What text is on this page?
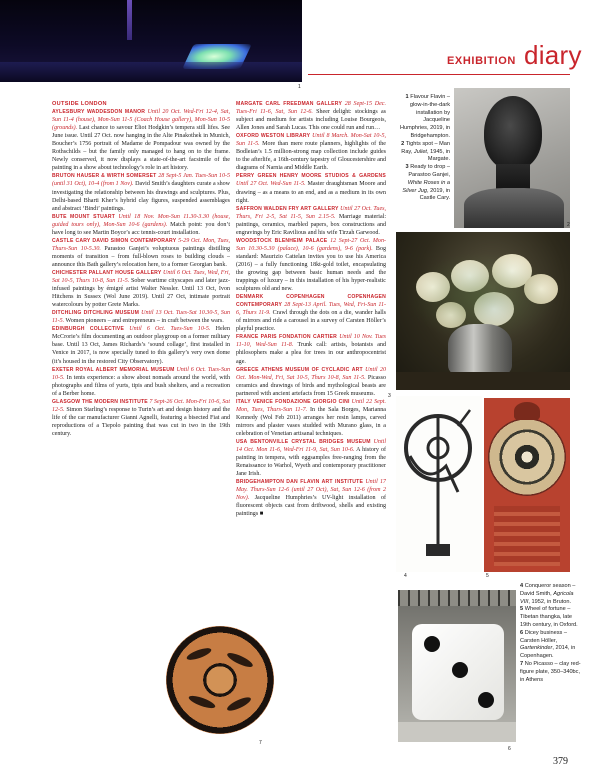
1
EXHIBITION diary
2

1 Flavour Flavin – glow-in-the-dark installation by Jacqueline Humphries, 2019, in Bridgehampton.

2 Tights spot – Man Ray, Juliet, 1945, in Margate.

3 Ready to drop – Parastoo Ganjei, White Roses in a Silver Jug, 2019, in Castle Cary.

3
4	5

4 Conqueror season – David Smith, Agricola VIII, 1952, in Bruton.

5 Wheel of fortune – Tibetan thangka, late 19th century, in Oxford.

6 Dicey business – Carsten Höller, Gartenkinder, 2014, in Copenhagen.

7 No Picasso – clay red-figure plate, 350–340bc, in Athens

6
7
379

OUTSIDE LONDON

AYLESBURY WADDESDON MANOR Until 20 Oct. Wed-Fri 12-4, Sat, Sun 11-4 (house), Mon-Sun 11-5 (Coach House gallery), Mon-Sun 10-5 (grounds). Last chance to savour Eliot Hodgkin’s tempera still lifes. See June issue. Until 27 Oct. now hanging in the Alte Pinakothek in Munich, Boucher’s 1756 portrait of Madame de Pompadour was owned by the Rothschilds – but the family only managed to hang on to the frame. Newly conserved, it now displays a state-of-the-art facsimile of the painting in a show about technology’s role in art history.

BRUTON HAUSER & WIRTH SOMERSET 28 Sept-5 Jan. Tues-Sun 10-5 (until 31 Oct), 10-4 (from 1 Nov). David Smith’s daughters curate a show investigating the relationship between his drawings and sculptures. Plus, Delhi-based Bharti Kher’s hybrid clay figures, suspended assemblages and abstract ‘Bindi’ paintings.

BUTE MOUNT STUART Until 18 Nov. Mon-Sun 11.30-3.30 (house, guided tours only), Mon-Sun 10-6 (gardens). Match point: you don’t have long to see Martin Boyce’s acc tennis-court installation.

CASTLE CARY DAVID SIMON CONTEMPORARY 5-29 Oct. Mon, Tues, Thurs-Sun 10-5.30. Parastoo Ganjei’s voluptuous paintings distilling moments of transition – from full-blown roses to building clouds – announce this Bath gallery’s relocation here, to a former Georgian bank.

CHICHESTER PALLANT HOUSE GALLERY Until 6 Oct. Tues, Wed, Fri, Sat 10-5, Thurs 10-8, Sun 11-5. Sober wartime cityscapes and later jazz-infused paintings by émigré artist Walter Nessler. Until 13 Oct, Ivon Hitchens in Sussex (Wol June 2019). Until 27 Oct, intimate portrait watercolours by potter Grete Marks.

DITCHLING DITCHLING MUSEUM Until 13 Oct. Tues-Sat 10.30-5, Sun 11-5. Women pioneers – and entrepreneurs – in craft between the wars.

EDINBURGH COLLECTIVE Until 6 Oct. Tues-Sun 10-5. Helen McCrorie’s film documenting an outdoor playgroup on a former military base. Until 13 Oct, James Richards’s ‘sound collage’, first installed in Venice in 2017, is now specially tuned to this gallery’s very own dome (it’s housed in the restored City Observatory).

EXETER ROYAL ALBERT MEMORIAL MUSEUM Until 6 Oct. Tues-Sun 10-5. In tents experience: a show about nomads around the world, with photographs and films of yurts, tipis and bush shelters, and a recreation of a Berber home.

GLASGOW THE MODERN INSTITUTE 7 Sept-26 Oct. Mon-Fri 10-6, Sat 12-5. Simon Starling’s response to Turin’s art and design history and the life of the car manufacturer Gianni Agnelli, featuring a bisected Fiat and reproductions of a Tiepolo painting that was cut in two in the 19th century.

MARGATE CARL FREEDMAN GALLERY 28 Sept-15 Dec. Tues-Fri 11-6, Sat, Sun 12-6. Sheer delight: stockings as subject and medium for artists including Louise Bourgeois, Allen Jones and Sarah Lucas. This one could run and run…

OXFORD WESTON LIBRARY Until 8 March. Mon-Sat 10-5, Sun 11-5. More than mere route planners, highlights of the Bodleian’s 1.5 million-strong map collection include guides to the afterlife, a 16th-century tapestry of Gloucestershire and diagrams of Narnia and Middle Earth.

PERRY GREEN HENRY MOORE STUDIOS & GARDENS Until 27 Oct. Wed-Sun 11-5. Master draughtsman Moore and drawing – as a means to an end, and as a medium in its own right.

SAFFRON WALDEN FRY ART GALLERY Until 27 Oct. Tues, Thurs, Fri 2-5, Sat 11-5, Sun 2.15-5. Marriage material: paintings, ceramics, marbled papers, box constructions and engravings by Eric Ravilious and his wife Tirzah Garwood.

WOODSTOCK BLENHEIM PALACE 12 Sept-27 Oct. Mon-Sun 10.30-5.30 (palace), 10-6 (gardens), 9-6 (park). Bog standard: Maurizio Cattelan invites you to use his America (2016) – a fully functioning 18kt-gold toilet, encapsulating the growing gap between basic human needs and the trappings of luxury – in this installation of his hyper-realistic sculptures old and new.

DENMARK	COPENHAGEN COPENHAGEN CONTEMPORARY 28 Sept-13 April. Tues, Wed, Fri-Sun 11-6, Thurs 11-9. Crawl through the dots on a die, wander halls of mirrors and ride a carousel in a survey of Carsten Höller’s playful practice.

FRANCE PARIS FONDATION CARTIER Until 10 Nov. Tues 11-10, Wed-Sun 11-8. Trunk call: artists, botanists and philosophers make a plea for trees in our anthropocentrist age.

GREECE ATHENS MUSEUM OF CYCLADIC ART Until 20 Oct. Mon-Wed, Fri, Sat 10-5, Thurs 10-8, Sun 11-5. Picasso ceramics and drawings of birds and mythological beasts are partnered with ancient artefacts from 15 Greek museums.

ITALY VENICE FONDAZIONE GIORGIO CINI Until 22 Sept. Mon, Tues, Thurs-Sun 11-7. In the Sala Borges, Marianna Kennedy (Wol Feb 2011) arranges her resin lamps, carved mirrors and plaster vases studded with Murano glass, in a celebration of Venetian artisanal techniques.

USA BENTONVILLE CRYSTAL BRIDGES MUSEUM Until 14 Oct. Mon 11-6, Wed-Fri 11-9, Sat, Sun 10-6. A history of painting in tempera, with eggsamples free-ranging from the Renaissance to Warhol, Wyeth and contemporary practitioner Jane Irish.

BRIDGEHAMPTON DAN FLAVIN ART INSTITUTE Until 17 May. Thurs-Sun 12-6 (until 27 Oct), Sat, Sun 12-6 (from 2 Nov). Jacqueline Humphries’s UV-light installation of fluorescent objects cast from driftwood, shells and existing paintings ■
